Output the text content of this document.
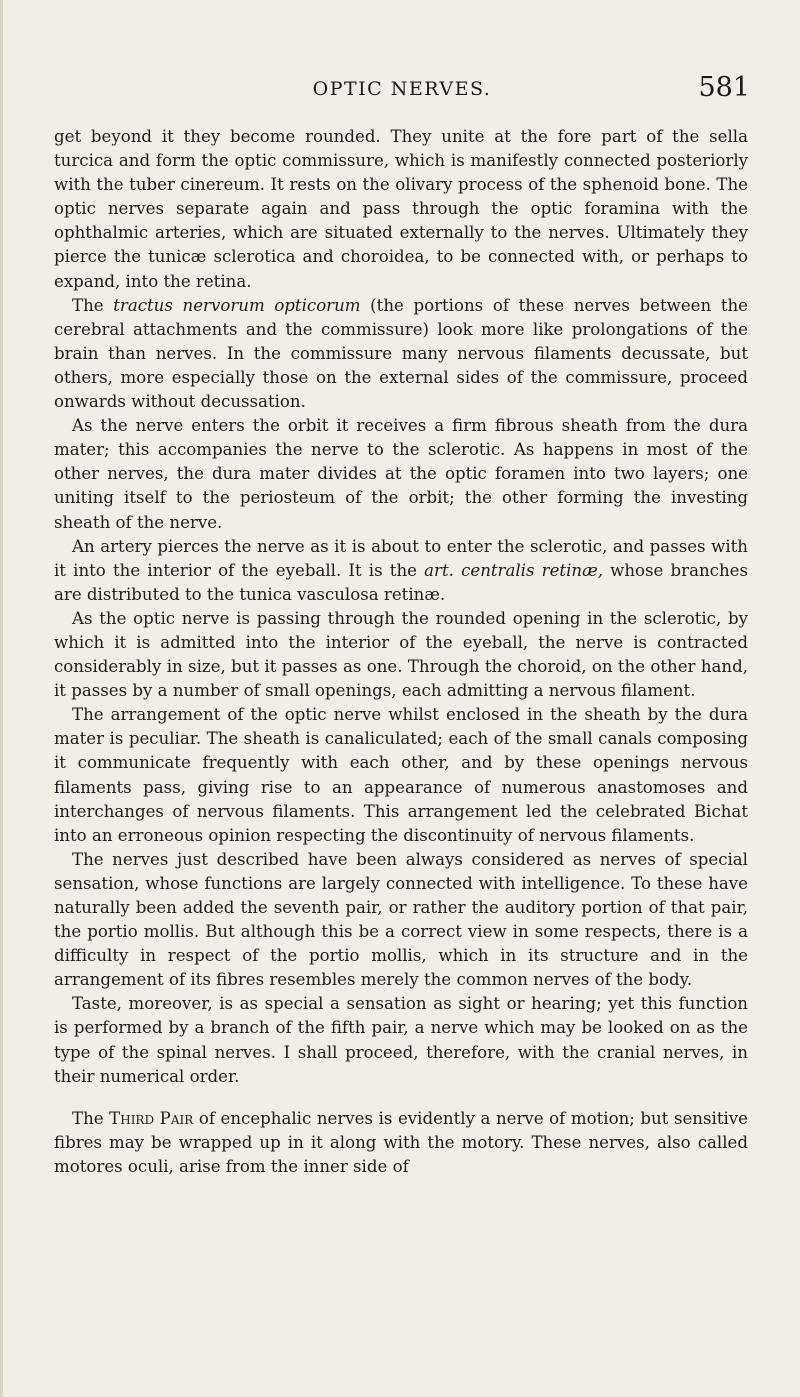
OPTIC NERVES.	581

get beyond it they become rounded. They unite at the fore part of the sella turcica and form the optic commissure, which is manifestly connected posteriorly with the tuber cinereum. It rests on the olivary process of the sphenoid bone. The optic nerves separate again and pass through the optic foramina with the ophthalmic arteries, which are situated externally to the nerves. Ultimately they pierce the tunicæ sclerotica and choroidea, to be connected with, or perhaps to expand, into the retina.

The tractus nervorum opticorum (the portions of these nerves between the cerebral attachments and the commissure) look more like prolongations of the brain than nerves. In the commissure many nervous filaments decussate, but others, more especially those on the external sides of the commissure, proceed onwards without decussation.

As the nerve enters the orbit it receives a firm fibrous sheath from the dura mater; this accompanies the nerve to the sclerotic. As happens in most of the other nerves, the dura mater divides at the optic foramen into two layers; one uniting itself to the periosteum of the orbit; the other forming the investing sheath of the nerve.

An artery pierces the nerve as it is about to enter the sclerotic, and passes with it into the interior of the eyeball. It is the art. centralis retinæ, whose branches are distributed to the tunica vasculosa retinæ.

As the optic nerve is passing through the rounded opening in the sclerotic, by which it is admitted into the interior of the eyeball, the nerve is contracted considerably in size, but it passes as one. Through the choroid, on the other hand, it passes by a number of small openings, each admitting a nervous filament.

The arrangement of the optic nerve whilst enclosed in the sheath by the dura mater is peculiar. The sheath is canaliculated; each of the small canals composing it communicate frequently with each other, and by these openings nervous filaments pass, giving rise to an appearance of numerous anastomoses and interchanges of nervous filaments. This arrangement led the celebrated Bichat into an erroneous opinion respecting the discontinuity of nervous filaments.

The nerves just described have been always considered as nerves of special sensation, whose functions are largely connected with intelligence. To these have naturally been added the seventh pair, or rather the auditory portion of that pair, the portio mollis. But although this be a correct view in some respects, there is a difficulty in respect of the portio mollis, which in its structure and in the arrangement of its fibres resembles merely the common nerves of the body.

Taste, moreover, is as special a sensation as sight or hearing; yet this function is performed by a branch of the fifth pair, a nerve which may be looked on as the type of the spinal nerves. I shall proceed, therefore, with the cranial nerves, in their numerical order.

The Third Pair of encephalic nerves is evidently a nerve of motion; but sensitive fibres may be wrapped up in it along with the motory. These nerves, also called motores oculi, arise from the inner side of
